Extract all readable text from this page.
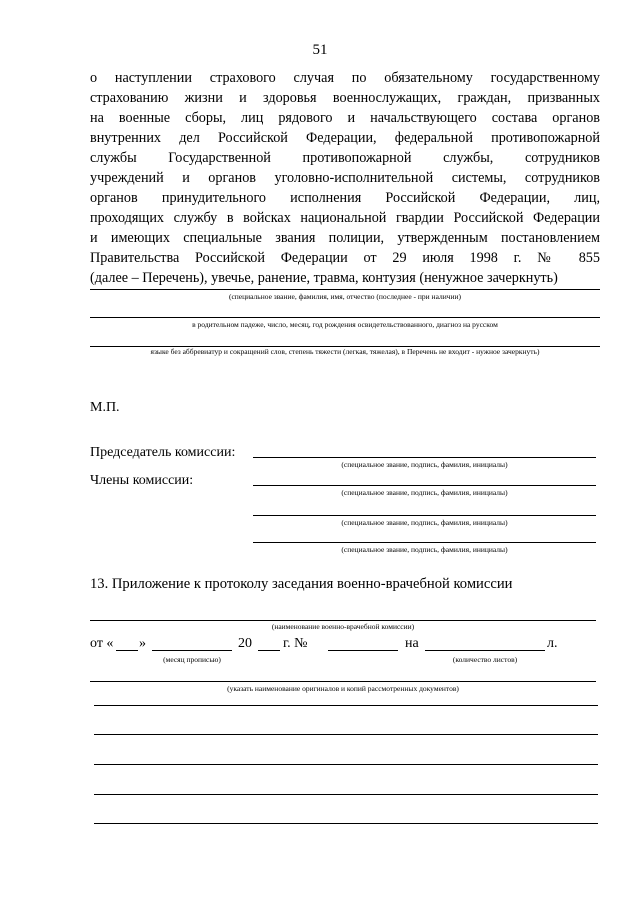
51
о наступлении страхового случая по обязательному государственному
страхованию жизни и здоровья военнослужащих, граждан, призванных
на военные сборы, лиц рядового и начальствующего состава органов
внутренних дел Российской Федерации, федеральной противопожарной
службы Государственной противопожарной службы, сотрудников
учреждений и органов уголовно-исполнительной системы, сотрудников
органов принудительного исполнения Российской Федерации, лиц,
проходящих службу в войсках национальной гвардии Российской Федерации
и имеющих специальные звания полиции, утвержденным постановлением
Правительства Российской Федерации от 29 июля 1998 г. № 855
(далее – Перечень), увечье, ранение, травма, контузия (ненужное зачеркнуть)
(специальное звание, фамилия, имя, отчество (последнее - при наличии)
в родительном падеже, число, месяц, год рождения освидетельствованного, диагноз на русском
языке без аббревиатур и сокращений слов, степень тяжести (легкая, тяжелая), в Перечень не входит - нужное зачеркнуть)
М.П.
Председатель комиссии:
(специальное звание, подпись, фамилия, инициалы)
Члены комиссии:
(специальное звание, подпись, фамилия, инициалы)
(специальное звание, подпись, фамилия, инициалы)
(специальное звание, подпись, фамилия, инициалы)
13. Приложение к протоколу заседания военно-врачебной комиссии
(наименование военно-врачебной комиссии)
от « »
(месяц прописью)
20 г. №	на
(количество листов)
л.
(указать наименование оригиналов и копий рассмотренных документов)
